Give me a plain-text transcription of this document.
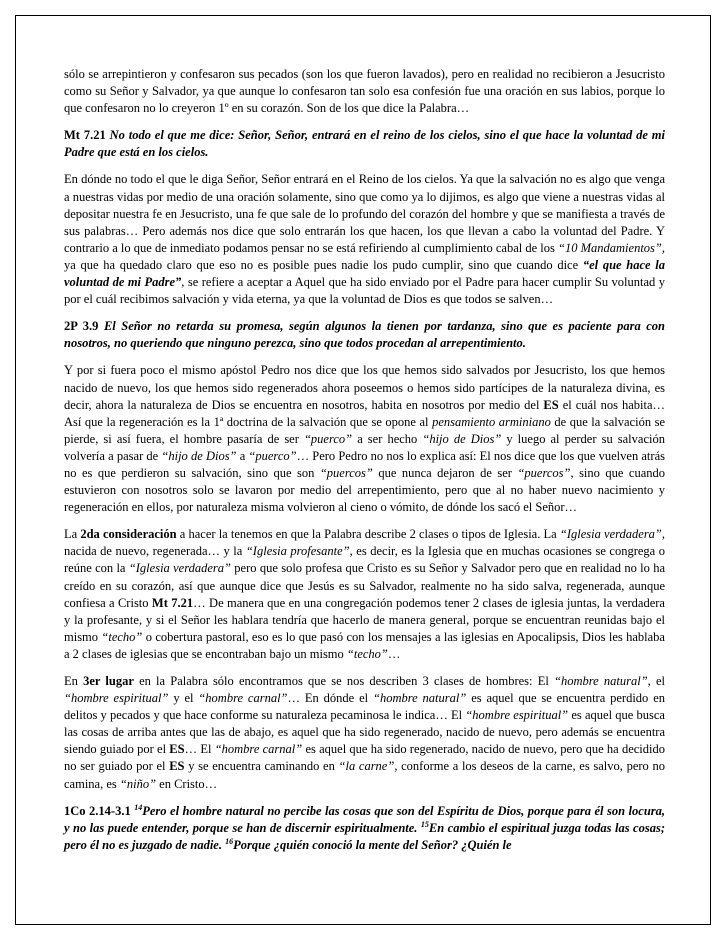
sólo se arrepintieron y confesaron sus pecados (son los que fueron lavados), pero en realidad no recibieron a Jesucristo como su Señor y Salvador, ya que aunque lo confesaron tan solo esa confesión fue una oración en sus labios, porque lo que confesaron no lo creyeron 1º en su corazón. Son de los que dice la Palabra…

Mt 7.21 No todo el que me dice: Señor, Señor, entrará en el reino de los cielos, sino el que hace la voluntad de mi Padre que está en los cielos.

En dónde no todo el que le diga Señor, Señor entrará en el Reino de los cielos. Ya que la salvación no es algo que venga a nuestras vidas por medio de una oración solamente, sino que como ya lo dijimos, es algo que viene a nuestras vidas al depositar nuestra fe en Jesucristo, una fe que sale de lo profundo del corazón del hombre y que se manifiesta a través de sus palabras… Pero además nos dice que solo entrarán los que hacen, los que llevan a cabo la voluntad del Padre. Y contrario a lo que de inmediato podamos pensar no se está refiriendo al cumplimiento cabal de los “10 Mandamientos”, ya que ha quedado claro que eso no es posible pues nadie los pudo cumplir, sino que cuando dice “el que hace la voluntad de mi Padre”, se refiere a aceptar a Aquel que ha sido enviado por el Padre para hacer cumplir Su voluntad y por el cuál recibimos salvación y vida eterna, ya que la voluntad de Dios es que todos se salven…

2P 3.9 El Señor no retarda su promesa, según algunos la tienen por tardanza, sino que es paciente para con nosotros, no queriendo que ninguno perezca, sino que todos procedan al arrepentimiento.

Y por si fuera poco el mismo apóstol Pedro nos dice que los que hemos sido salvados por Jesucristo, los que hemos nacido de nuevo, los que hemos sido regenerados ahora poseemos o hemos sido partícipes de la naturaleza divina, es decir, ahora la naturaleza de Dios se encuentra en nosotros, habita en nosotros por medio del ES el cuál nos habita… Así que la regeneración es la 1ª doctrina de la salvación que se opone al pensamiento arminiano de que la salvación se pierde, si así fuera, el hombre pasaría de ser “puerco” a ser hecho “hijo de Dios” y luego al perder su salvación volvería a pasar de “hijo de Dios” a “puerco”… Pero Pedro no nos lo explica así: El nos dice que los que vuelven atrás no es que perdieron su salvación, sino que son “puercos” que nunca dejaron de ser “puercos”, sino que cuando estuvieron con nosotros solo se lavaron por medio del arrepentimiento, pero que al no haber nuevo nacimiento y regeneración en ellos, por naturaleza misma volvieron al cieno o vómito, de dónde los sacó el Señor…

La 2da consideración a hacer la tenemos en que la Palabra describe 2 clases o tipos de Iglesia. La “Iglesia verdadera”, nacida de nuevo, regenerada… y la “Iglesia profesante”, es decir, es la Iglesia que en muchas ocasiones se congrega o reúne con la “Iglesia verdadera” pero que solo profesa que Cristo es su Señor y Salvador pero que en realidad no lo ha creído en su corazón, así que aunque dice que Jesús es su Salvador, realmente no ha sido salva, regenerada, aunque confiesa a Cristo Mt 7.21… De manera que en una congregación podemos tener 2 clases de iglesia juntas, la verdadera y la profesante, y si el Señor les hablara tendría que hacerlo de manera general, porque se encuentran reunidas bajo el mismo “techo” o cobertura pastoral, eso es lo que pasó con los mensajes a las iglesias en Apocalipsis, Dios les hablaba a 2 clases de iglesias que se encontraban bajo un mismo “techo”…

En 3er lugar en la Palabra sólo encontramos que se nos describen 3 clases de hombres: El “hombre natural”, el “hombre espiritual” y el “hombre carnal”… En dónde el “hombre natural” es aquel que se encuentra perdido en delitos y pecados y que hace conforme su naturaleza pecaminosa le indica… El “hombre espiritual” es aquel que busca las cosas de arriba antes que las de abajo, es aquel que ha sido regenerado, nacido de nuevo, pero además se encuentra siendo guiado por el ES… El “hombre carnal” es aquel que ha sido regenerado, nacido de nuevo, pero que ha decidido no ser guiado por el ES y se encuentra caminando en “la carne”, conforme a los deseos de la carne, es salvo, pero no camina, es “niño” en Cristo…

1Co 2.14-3.1 $^{14}$Pero el hombre natural no percibe las cosas que son del Espíritu de Dios, porque para él son locura, y no las puede entender, porque se han de discernir espiritualmente. $^{15}$En cambio el espiritual juzga todas las cosas; pero él no es juzgado de nadie. $^{16}$Porque ¿quién conoció la mente del Señor? ¿Quién le
